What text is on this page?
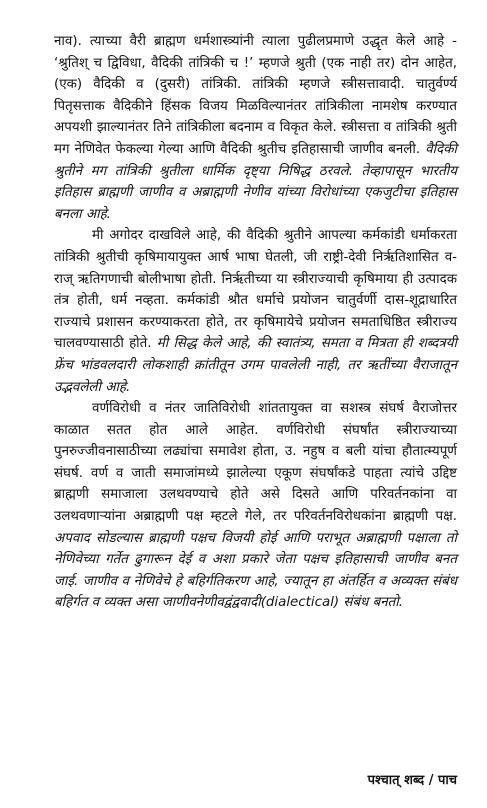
नाव). त्याच्या वैरी ब्राह्मण धर्मशास्त्र्यांनी त्याला पुढीलप्रमाणे उद्धृत केले आहे - ‘श्रुतिश् च द्विविधा, वैदिकी तांत्रिकी च !’ म्हणजे श्रुती (एक नाही तर) दोन आहेत, (एक) वैदिकी व (दुसरी) तांत्रिकी. तांत्रिकी म्हणजे स्त्रीसत्तावादी. चातुर्वर्ण्य पितृसत्ताक वैदिकीने हिंसक विजय मिळविल्यानंतर तांत्रिकीला नामशेष करण्यात अपयशी झाल्यानंतर तिने तांत्रिकीला बदनाम व विकृत केले. स्त्रीसत्ता व तांत्रिकी श्रुती मग नेणिवेत फेकल्या गेल्या आणि वैदिकी श्रुतीच इतिहासाची जाणीव बनली. वैदिकी श्रुतीने मग तांत्रिकी श्रुतीला धार्मिक दृष्ट्या निषिद्ध ठरवले. तेव्हापासून भारतीय इतिहास ब्राह्मणी जाणीव व अब्राह्मणी नेणीव यांच्या विरोधांच्या एकजुटीचा इतिहास बनला आहे.

मी अगोदर दाखविले आहे, की वैदिकी श्रुतीने आपल्या कर्मकांडी धर्माकरता तांत्रिकी श्रुतीची कृषिमायायुक्त आर्ष भाषा घेतली, जी राष्ट्री-देवी निर्ऋतिशासित व-राज् ऋतिगणाची बोलीभाषा होती. निर्ऋतीच्या या स्त्रीराज्याची कृषिमाया ही उत्पादक तंत्र होती, धर्म नव्हता. कर्मकांडी श्रौत धर्माचे प्रयोजन चातुर्वर्णी दास-शूद्राधारित राज्याचे प्रशासन करण्याकरता होते, तर कृषिमायेचे प्रयोजन समताधिष्ठित स्त्रीराज्य चालवण्यासाठी होते. मी सिद्ध केले आहे, की स्वातंत्र्य, समता व मित्रता ही शब्दत्रयी फ्रेंच भांडवलदारी लोकशाही क्रांतीतून उगम पावलेली नाही, तर ऋतींच्या वैराजातून उद्भवलेली आहे.

वर्णविरोधी व नंतर जातिविरोधी शांततायुक्त वा सशस्त्र संघर्ष वैराजोत्तर काळात सतत होत आले आहेत. वर्णविरोधी संघर्षांत स्त्रीराज्याच्या पुनरुज्जीवनासाठीच्या लढ्यांचा समावेश होता, उ. नहुष व बली यांचा हौतात्म्यपूर्ण संघर्ष. वर्ण व जाती समाजांमध्ये झालेल्या एकूण संघर्षांकडे पाहता त्यांचे उद्दिष्ट ब्राह्मणी समाजाला उलथवण्याचे होते असे दिसते आणि परिवर्तनकांना वा उलथवणाऱ्यांना अब्राह्मणी पक्ष म्हटले गेले, तर परिवर्तनविरोधकांना ब्राह्मणी पक्ष. अपवाद सोडल्यास ब्राह्मणी पक्षच विजयी होई आणि पराभूत अब्राह्मणी पक्षाला तो नेणिवेच्या गर्तेत ढुगारून देई व अशा प्रकारे जेता पक्षच इतिहासाची जाणीव बनत जाई. जाणीव व नेणिवेचे हे बहिर्गतिकरण आहे, ज्यातून हा अंतर्हित व अव्यक्त संबंध बहिर्गत व व्यक्त असा जाणीवनेणीवद्वंद्ववादी(dialectical) संबंध बनतो.

पश्चात् शब्द / पाच
